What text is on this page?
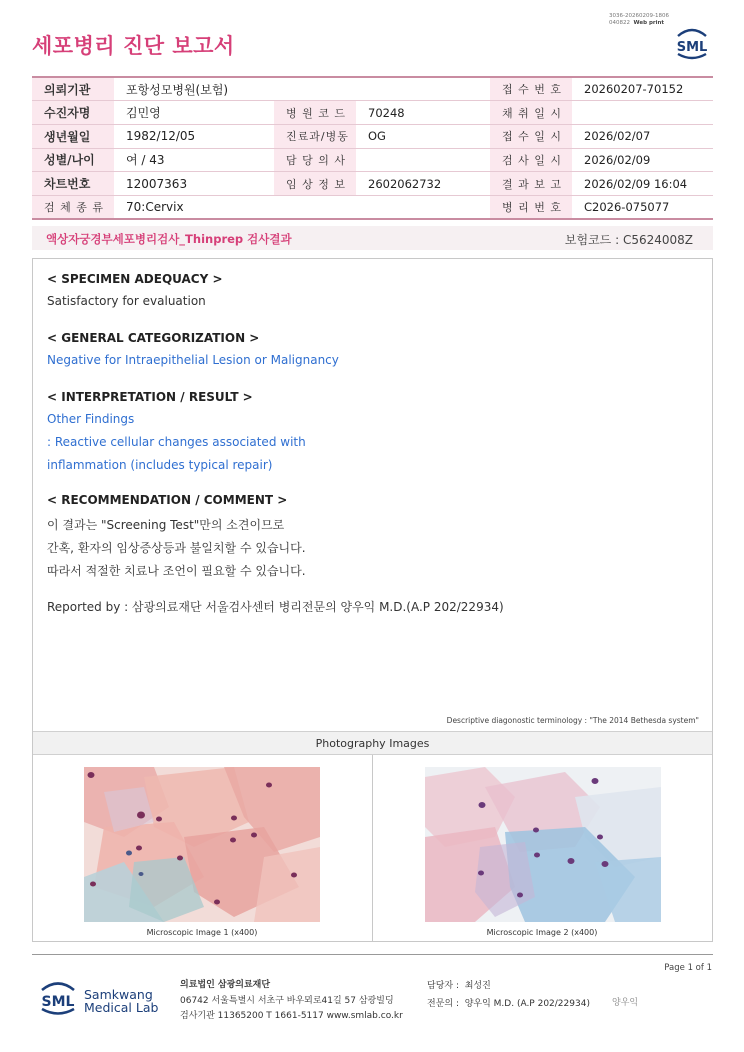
3036-20260209-1806
040822 Web print
SML
세포병리 진단 보고서
의뢰기관	포항성모병원(보험)			접 수 번 호	20260207-70152
수진자명	김민영	병 원 코 드	70248	채 취 일 시	
생년월일	1982/12/05	진료과/병동	OG	접 수 일 시	2026/02/07
성별/나이	여 / 43	담 당 의 사		검 사 일 시	2026/02/09
차트번호	12007363	임 상 정 보	2602062732	결 과 보 고	2026/02/09 16:04
검 체 종 류	70:Cervix			병 리 번 호	C2026-075077
액상자궁경부세포병리검사_Thinprep 검사결과	보험코드 : C5624008Z
< SPECIMEN ADEQUACY >
Satisfactory for evaluation
< GENERAL CATEGORIZATION >
Negative for Intraepithelial Lesion or Malignancy
< INTERPRETATION / RESULT >
Other Findings
: Reactive cellular changes associated with
inflammation (includes typical repair)
< RECOMMENDATION / COMMENT >
이 결과는 "Screening Test"만의 소견이므로
간혹, 환자의 임상증상등과 불일치할 수 있습니다.
따라서 적절한 치료나 조언이 필요할 수 있습니다.
Reported by : 삼광의료재단 서울검사센터 병리전문의 양우익 M.D.(A.P 202/22934)
Descriptive diagonostic terminology : "The 2014 Bethesda system"
Photography Images
Microscopic Image 1 (x400)	Microscopic Image 2 (x400)
Page 1 of 1
SML Samkwang
Medical Lab
의료법인 삼광의료재단
06742 서울특별시 서초구 바우뫼로41길 57 삼광빌딩
검사기관 11365200 T 1661-5117 www.smlab.co.kr
담당자 : 최성진
전문의 : 양우익 M.D. (A.P 202/22934) 양우익
